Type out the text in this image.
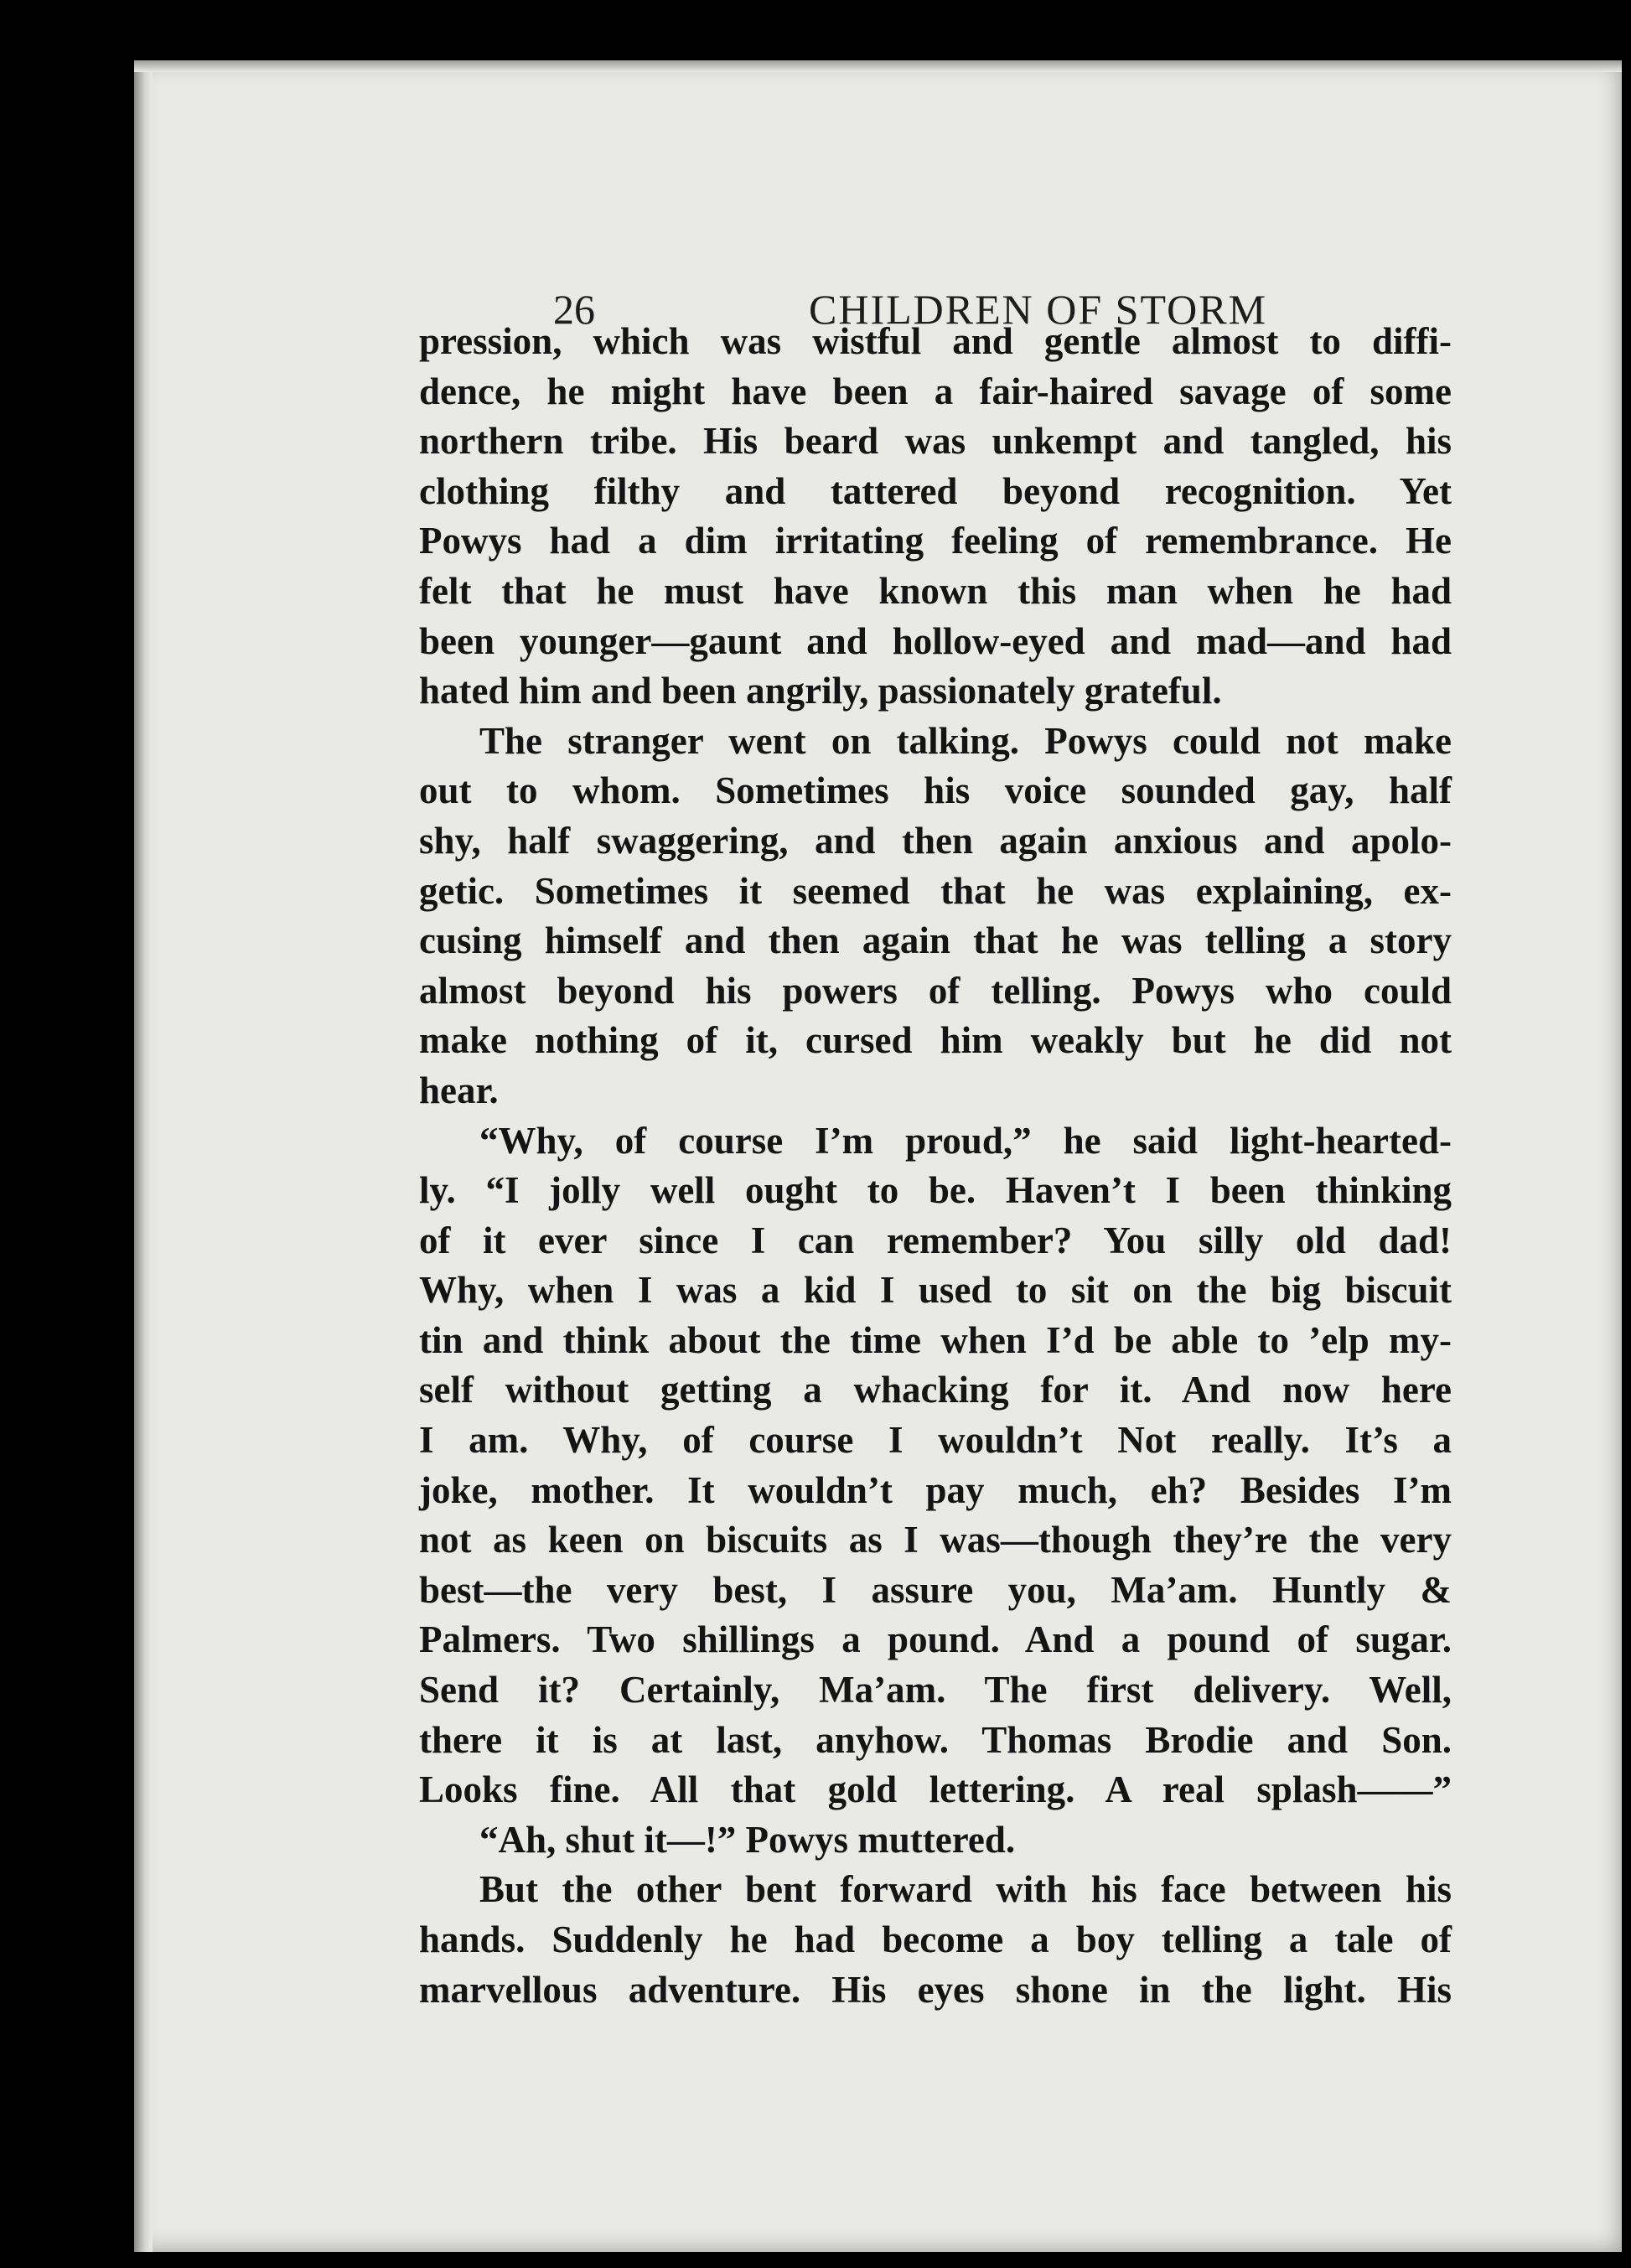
26	CHILDREN OF STORM
pression, which was wistful and gentle almost to diffi-
dence, he might have been a fair-haired savage of some
northern tribe. His beard was unkempt and tangled, his
clothing filthy and tattered beyond recognition. Yet
Powys had a dim irritating feeling of remembrance. He
felt that he must have known this man when he had
been younger—gaunt and hollow-eyed and mad—and had
hated him and been angrily, passionately grateful.
The stranger went on talking. Powys could not make
out to whom. Sometimes his voice sounded gay, half
shy, half swaggering, and then again anxious and apolo-
getic. Sometimes it seemed that he was explaining, ex-
cusing himself and then again that he was telling a story
almost beyond his powers of telling. Powys who could
make nothing of it, cursed him weakly but he did not
hear.
“Why, of course I’m proud,” he said light-hearted-
ly. “I jolly well ought to be. Haven’t I been thinking
of it ever since I can remember? You silly old dad!
Why, when I was a kid I used to sit on the big biscuit
tin and think about the time when I’d be able to ’elp my-
self without getting a whacking for it. And now here
I am. Why, of course I wouldn’t Not really. It’s a
joke, mother. It wouldn’t pay much, eh? Besides I’m
not as keen on biscuits as I was—though they’re the very
best—the very best, I assure you, Ma’am. Huntly &
Palmers. Two shillings a pound. And a pound of sugar.
Send it? Certainly, Ma’am. The first delivery. Well,
there it is at last, anyhow. Thomas Brodie and Son.
Looks fine. All that gold lettering. A real splash——”
“Ah, shut it—!” Powys muttered.
But the other bent forward with his face between his
hands. Suddenly he had become a boy telling a tale of
marvellous adventure. His eyes shone in the light. His
